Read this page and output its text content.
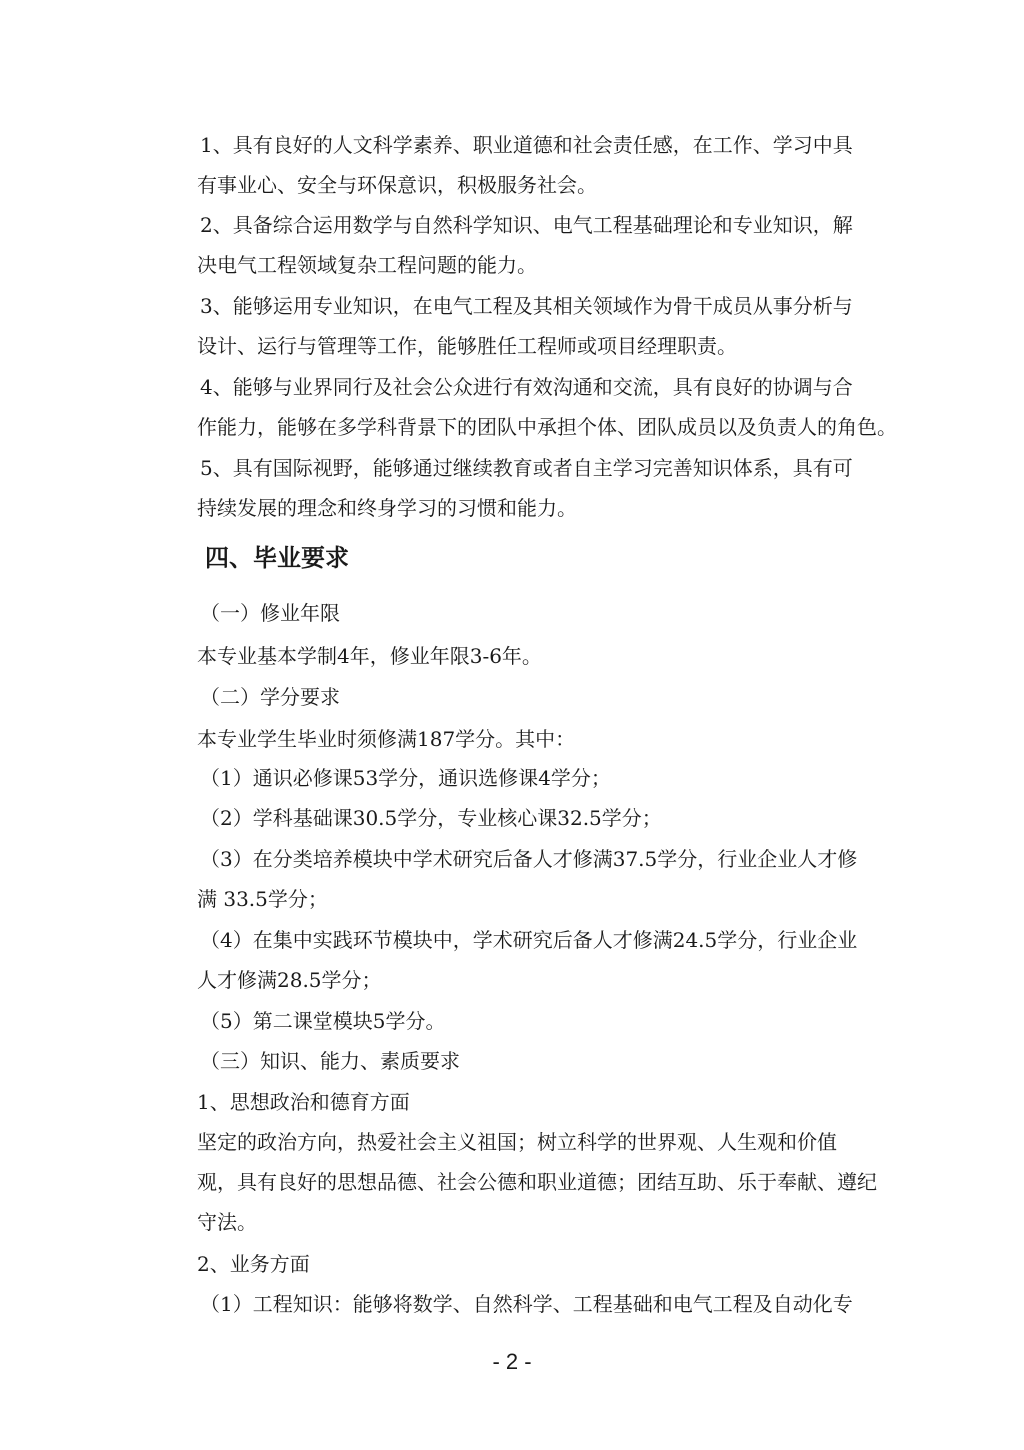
1、具有良好的人文科学素养、职业道德和社会责任感，在工作、学习中具

有事业心、安全与环保意识，积极服务社会。

2、具备综合运用数学与自然科学知识、电气工程基础理论和专业知识，解

决电气工程领域复杂工程问题的能力。

3、能够运用专业知识，在电气工程及其相关领域作为骨干成员从事分析与

设计、运行与管理等工作，能够胜任工程师或项目经理职责。

4、能够与业界同行及社会公众进行有效沟通和交流，具有良好的协调与合

作能力，能够在多学科背景下的团队中承担个体、团队成员以及负责人的角色。

5、具有国际视野，能够通过继续教育或者自主学习完善知识体系，具有可

持续发展的理念和终身学习的习惯和能力。

四、毕业要求

（一）修业年限

本专业基本学制4年，修业年限3-6年。

（二）学分要求

本专业学生毕业时须修满187学分。其中：

（1）通识必修课53学分，通识选修课4学分；

（2）学科基础课30.5学分，专业核心课32.5学分；

（3）在分类培养模块中学术研究后备人才修满37.5学分，行业企业人才修

满 33.5学分；

（4）在集中实践环节模块中，学术研究后备人才修满24.5学分，行业企业

人才修满28.5学分；

（5）第二课堂模块5学分。

（三）知识、能力、素质要求

1、思想政治和德育方面

坚定的政治方向，热爱社会主义祖国；树立科学的世界观、人生观和价值

观，具有良好的思想品德、社会公德和职业道德；团结互助、乐于奉献、遵纪

守法。

2、业务方面

（1）工程知识：能够将数学、自然科学、工程基础和电气工程及自动化专

- 2 -
